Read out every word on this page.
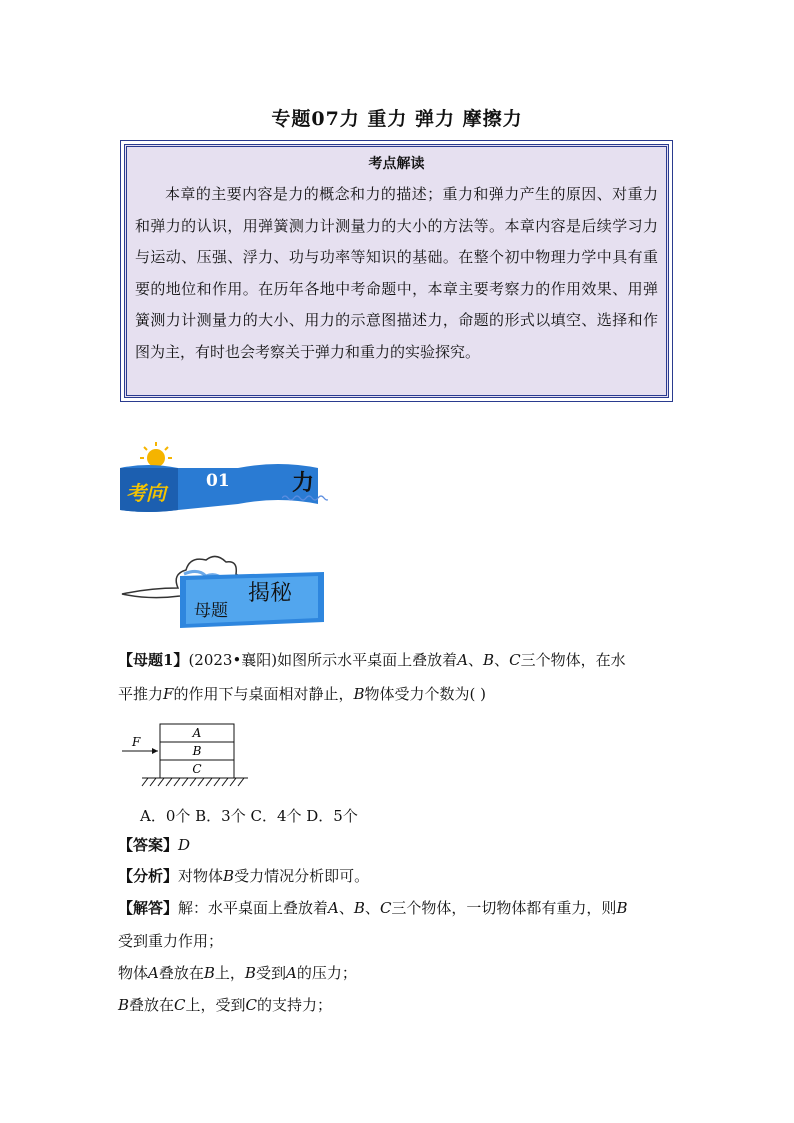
专题07力 重力 弹力 摩擦力
考点解读
本章的主要内容是力的概念和力的描述；重力和弹力产生的原因、对重力和弹力的认识，用弹簧测力计测量力的大小的方法等。本章内容是后续学习力与运动、压强、浮力、功与功率等知识的基础。在整个初中物理力学中具有重要的地位和作用。在历年各地中考命题中，本章主要考察力的作用效果、用弹簧测力计测量力的大小、用力的示意图描述力，命题的形式以填空、选择和作图为主，有时也会考察关于弹力和重力的实验探究。
考向 01	力
母题
揭秘
【母题1】(2023•襄阳)如图所示水平桌面上叠放着A、B、C三个物体，在水
平推力F的作用下与桌面相对静止，B物体受力个数为( )
A
B
C
F
A．0个 B．3个 C．4个 D．5个
【答案】D
【分析】对物体B受力情况分析即可。
【解答】解：水平桌面上叠放着A、B、C三个物体，一切物体都有重力，则B
受到重力作用；
物体A叠放在B上，B受到A的压力；
B叠放在C上，受到C的支持力；
